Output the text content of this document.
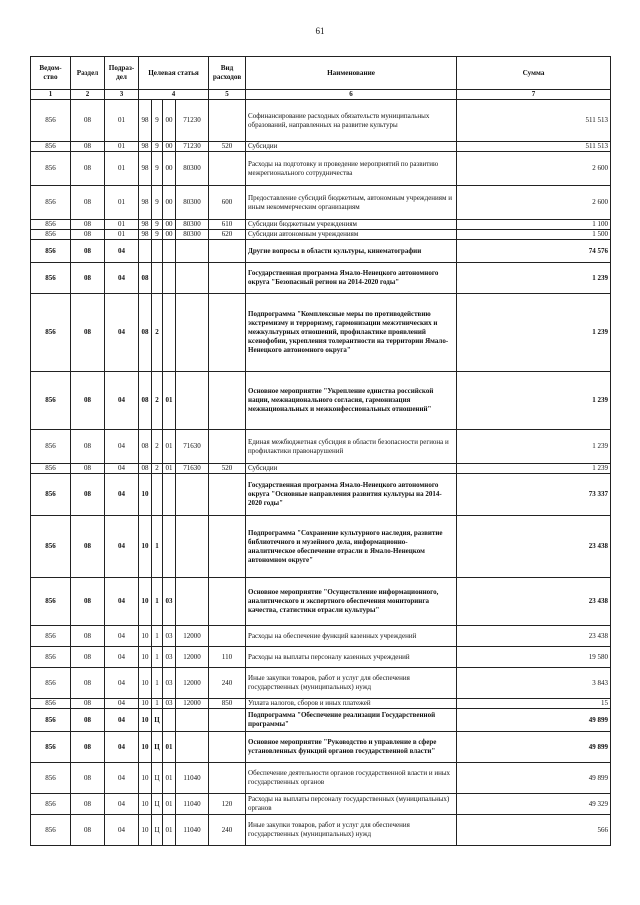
61
Ведом-ство	Раздел	Подраз-дел	Целевая статья				Вид расходов	Наименование	Сумма
1	2	3	4				5	6	7
856	08	01	98	9	00	71230		Софинансирование расходных обязательств муниципальных образований, направленных на развитие культуры	511 513
856	08	01	98	9	00	71230	520	Субсидии	511 513
856	08	01	98	9	00	80300		Расходы на подготовку и проведение мероприятий по развитию межрегионального сотрудничества	2 600
856	08	01	98	9	00	80300	600	Предоставление субсидий бюджетным, автономным учреждениям и иным некоммерческим организациям	2 600
856	08	01	98	9	00	80300	610	Субсидии бюджетным учреждениям	1 100
856	08	01	98	9	00	80300	620	Субсидии автономным учреждениям	1 500
856	08	04						Другие вопросы в области культуры, кинематографии	74 576
856	08	04	08					Государственная программа Ямало-Ненецкого автономного округа "Безопасный регион на 2014-2020 годы"	1 239
856	08	04	08	2				Подпрограмма "Комплексные меры по противодействию экстремизму и терроризму, гармонизации межэтнических и межкультурных отношений, профилактике проявлений ксенофобии, укрепления толерантности на территории Ямало-Ненецкого автономного округа"	1 239
856	08	04	08	2	01			Основное мероприятие "Укрепление единства российской нации, межнационального согласия, гармонизация межнациональных и межконфессиональных отношений"	1 239
856	08	04	08	2	01	71630		Единая межбюджетная субсидия в области безопасности региона и профилактики правонарушений	1 239
856	08	04	08	2	01	71630	520	Субсидии	1 239
856	08	04	10					Государственная программа Ямало-Ненецкого автономного округа "Основные направления развития культуры на 2014-2020 годы"	73 337
856	08	04	10	1				Подпрограмма "Сохранение культурного наследия, развитие библиотечного и музейного дела, информационно-аналитическое обеспечение отрасли в Ямало-Ненецком автономном округе"	23 438
856	08	04	10	1	03			Основное мероприятие "Осуществление информационного, аналитического и экспертного обеспечения мониторинга качества, статистики отрасли культуры"	23 438
856	08	04	10	1	03	12000		Расходы на обеспечение функций казенных учреждений	23 438
856	08	04	10	1	03	12000	110	Расходы на выплаты персоналу казенных учреждений	19 580
856	08	04	10	1	03	12000	240	Иные закупки товаров, работ и услуг для обеспечения государственных (муниципальных) нужд	3 843
856	08	04	10	1	03	12000	850	Уплата налогов, сборов и иных платежей	15
856	08	04	10	Ц				Подпрограмма "Обеспечение реализации Государственной программы"	49 899
856	08	04	10	Ц	01			Основное мероприятие "Руководство и управление в сфере установленных функций органов государственной власти"	49 899
856	08	04	10	Ц	01	11040		Обеспечение деятельности органов государственной власти и иных государственных органов	49 899
856	08	04	10	Ц	01	11040	120	Расходы на выплаты персоналу государственных (муниципальных) органов	49 329
856	08	04	10	Ц	01	11040	240	Иные закупки товаров, работ и услуг для обеспечения государственных (муниципальных) нужд	566
